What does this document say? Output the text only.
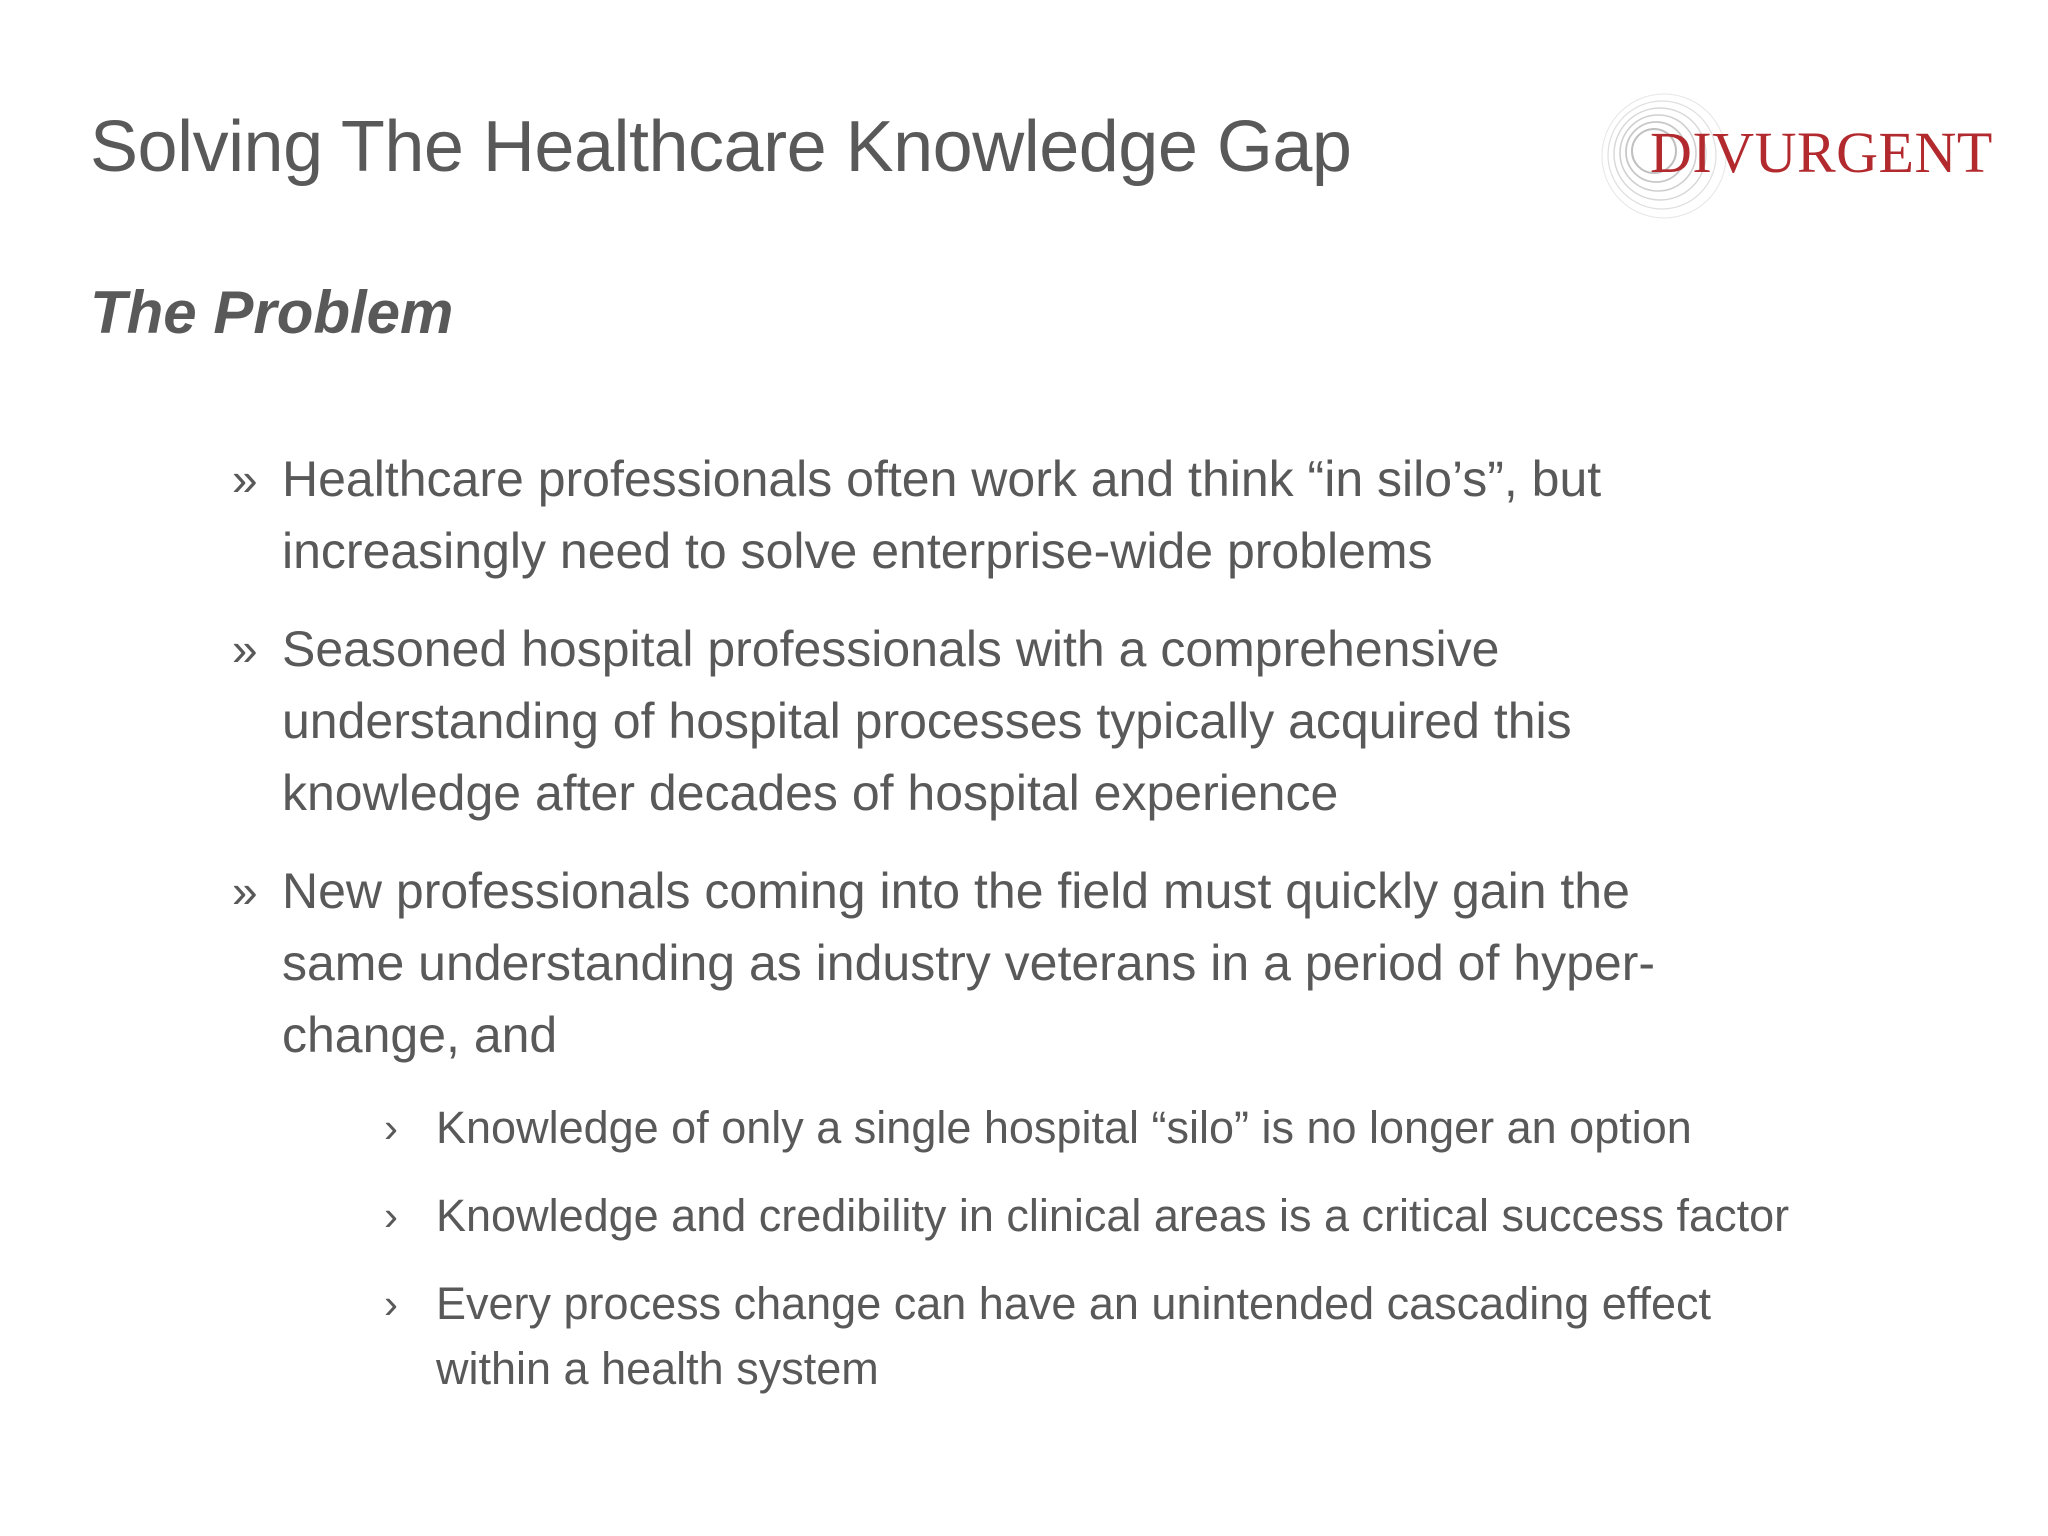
Solving The Healthcare Knowledge Gap	DIVURGENT
The Problem
» Healthcare professionals often work and think “in silo’s”, but
increasingly need to solve enterprise-wide problems
» Seasoned hospital professionals with a comprehensive
understanding of hospital processes typically acquired this
knowledge after decades of hospital experience
» New professionals coming into the field must quickly gain the
same understanding as industry veterans in a period of hyper-
change, and
› Knowledge of only a single hospital “silo” is no longer an option
› Knowledge and credibility in clinical areas is a critical success factor
› Every process change can have an unintended cascading effect
within a health system
